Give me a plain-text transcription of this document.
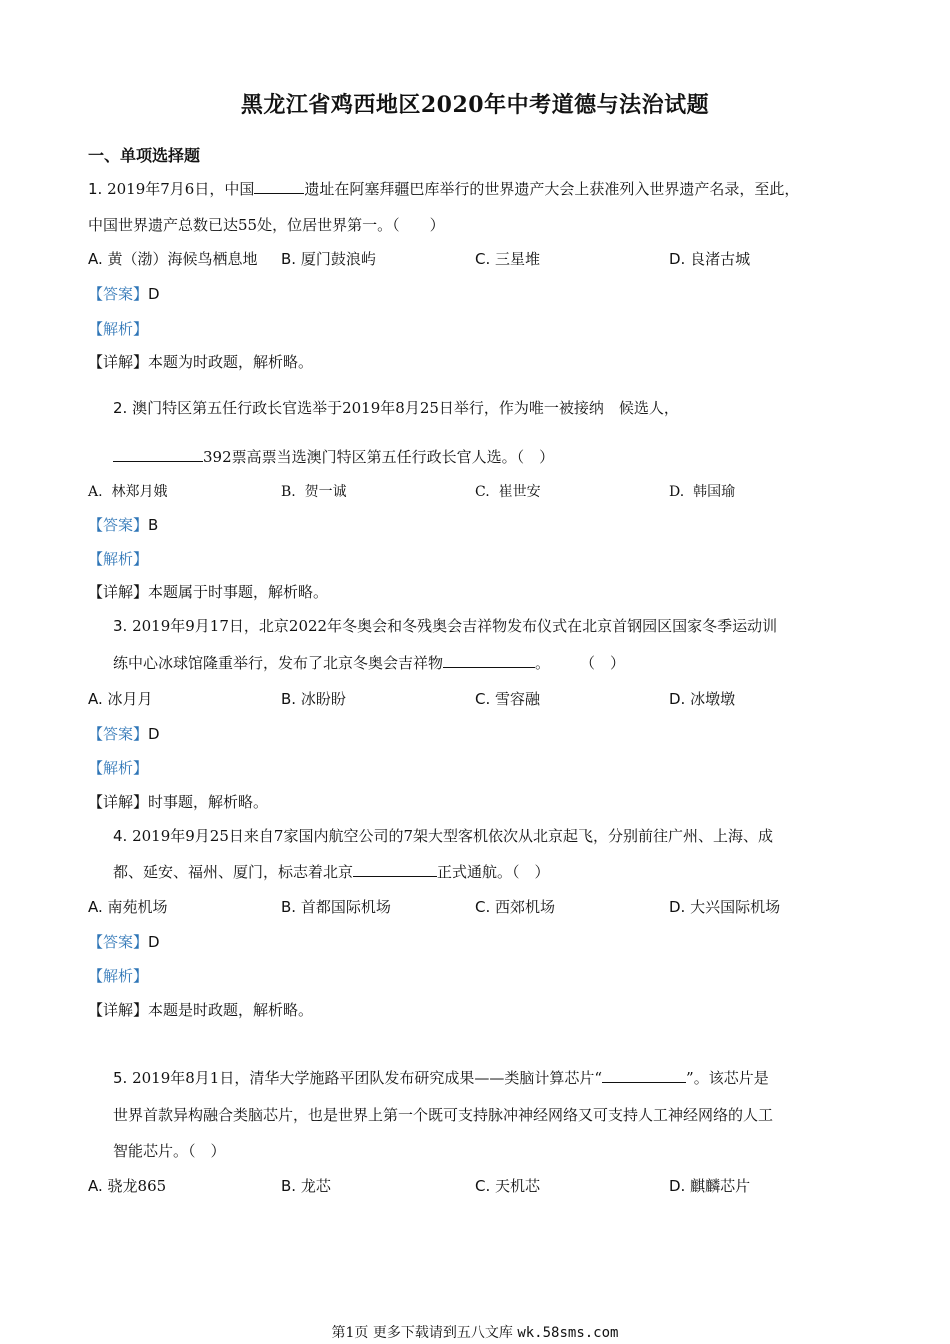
黑龙江省鸡西地区2020年中考道德与法治试题
一、单项选择题
1. 2019年7月6日，中国	遗址在阿塞拜疆巴库举行的世界遗产大会上获准列入世界遗产名录，至此，
中国世界遗产总数已达55处，位居世界第一。（　　）
A. 黄（渤）海候鸟栖息地 B. 厦门鼓浪屿	C. 三星堆	D. 良渚古城
【答案】D
【解析】
【详解】本题为时政题，解析略。
2. 澳门特区第五任行政长官选举于2019年8月25日举行，作为唯一被接纳　候选人，
392票高票当选澳门特区第五任行政长官人选。（　）
A. 林郑月娥	B. 贺一诚	C. 崔世安	D. 韩国瑜
【答案】B
【解析】
【详解】本题属于时事题，解析略。
3. 2019年9月17日，北京2022年冬奥会和冬残奥会吉祥物发布仪式在北京首钢园区国家冬季运动训
练中心冰球馆隆重举行，发布了北京冬奥会吉祥物	。　　　（　）
A. 冰月月	B. 冰盼盼	C. 雪容融	D. 冰墩墩
【答案】D
【解析】
【详解】时事题，解析略。
4. 2019年9月25日来自7家国内航空公司的7架大型客机依次从北京起飞，分别前往广州、上海、成
都、延安、福州、厦门，标志着北京	正式通航。（　）
A. 南苑机场	B. 首都国际机场	C. 西郊机场	D. 大兴国际机场
【答案】D
【解析】
【详解】本题是时政题，解析略。
5. 2019年8月1日，清华大学施路平团队发布研究成果——类脑计算芯片“	”。该芯片是
世界首款异构融合类脑芯片，也是世界上第一个既可支持脉冲神经网络又可支持人工神经网络的人工
智能芯片。（　）
A. 骁龙865	B. 龙芯	C. 天机芯	D. 麒麟芯片
第1页 更多下载请到五八文库 wk.58sms.com
